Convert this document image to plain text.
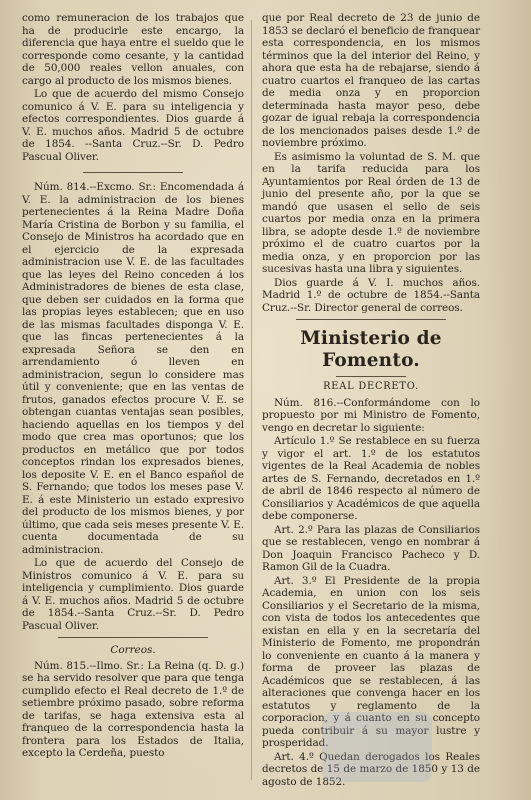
como remuneracion de los trabajos que ha de producirle este encargo, la diferencia que haya entre el sueldo que le corresponde como cesante, y la cantidad de 50,000 reales vellon anuales, con cargo al producto de los mismos bienes.

Lo que de acuerdo del mismo Consejo comunico á V. E. para su inteligencia y efectos correspondientes. Dios guarde á V. E. muchos años. Madrid 5 de octubre de 1854. --Santa Cruz.--Sr. D. Pedro Pascual Oliver.

Núm. 814.--Excmo. Sr.: Encomendada á V. E. la administracion de los bienes pertenecientes á la Reina Madre Doña María Cristina de Borbon y su familia, el Consejo de Ministros ha acordado que en el ejercicio de la expresada administracion use V. E. de las facultades que las leyes del Reino conceden á los Administradores de bienes de esta clase, que deben ser cuidados en la forma que las propias leyes establecen; que en uso de las mismas facultades disponga V. E. que las fincas pertenecientes á la expresada Señora se den en arrendamiento ó lleven en administracion, segun lo considere mas útil y conveniente; que en las ventas de frutos, ganados efectos procure V. E. se obtengan cuantas ventajas sean posibles, haciendo aquellas en los tiempos y del modo que crea mas oportunos; que los productos en metálico que por todos conceptos rindan los expresados bienes, los deposite V. E. en el Banco español de S. Fernando; que todos los meses pase V. E. á este Ministerio un estado expresivo del producto de los mismos bienes, y por último, que cada seis meses presente V. E. cuenta documentada de su administracion.

Lo que de acuerdo del Consejo de Ministros comunico á V. E. para su inteligencia y cumplimiento. Dios guarde á V. E. muchos años. Madrid 5 de octubre de 1854.--Santa Cruz.--Sr. D. Pedro Pascual Oliver.

Correos.

Núm. 815.--Ilmo. Sr.: La Reina (q. D. g.) se ha servido resolver que para que tenga cumplido efecto el Real decreto de 1.º de setiembre próximo pasado, sobre reforma de tarifas, se haga extensiva esta al franqueo de la correspondencia hasta la frontera para los Estados de Italia, excepto la Cerdeña, puesto

que por Real decreto de 23 de junio de 1853 se declaró el beneficio de franquear esta correspondencia, en los mismos términos que la del interior del Reino, y ahora que esta ha de rebajarse, siendo á cuatro cuartos el franqueo de las cartas de media onza y en proporcion determinada hasta mayor peso, debe gozar de igual rebaja la correspondencia de los mencionados paises desde 1.º de noviembre próximo.

Es asimismo la voluntad de S. M. que en la tarifa reducida para los Ayuntamientos por Real órden de 13 de junio del presente año, por la que se mandó que usasen el sello de seis cuartos por media onza en la primera libra, se adopte desde 1.º de noviembre próximo el de cuatro cuartos por la media onza, y en proporcion por las sucesivas hasta una libra y siguientes.

Dios guarde á V. I. muchos años. Madrid 1.º de octubre de 1854.--Santa Cruz.--Sr. Director general de correos.

Ministerio de Fomento.
REAL DECRETO.

Núm. 816.--Conformándome con lo propuesto por mi Ministro de Fomento, vengo en decretar lo siguiente:

Artículo 1.º Se restablece en su fuerza y vigor el art. 1.º de los estatutos vigentes de la Real Academia de nobles artes de S. Fernando, decretados en 1.º de abril de 1846 respecto al número de Consiliarios y Académicos de que aquella debe componerse.

Art. 2.º Para las plazas de Consiliarios que se restablecen, vengo en nombrar á Don Joaquin Francisco Pacheco y D. Ramon Gil de la Cuadra.

Art. 3.º El Presidente de la propia Academia, en union con los seis Consiliarios y el Secretario de la misma, con vista de todos los antecedentes que existan en ella y en la secretaría del Ministerio de Fomento, me propondrán lo conveniente en cuanto á la manera y forma de proveer las plazas de Académicos que se restablecen, á las alteraciones que convenga hacer en los estatutos y reglamento de la corporacion, y á cuanto en su concepto pueda contribuir á su mayor lustre y prosperidad.

Art. 4.º Quedan derogados los Reales decretos de 15 de marzo de 1850 y 13 de agosto de 1852.
